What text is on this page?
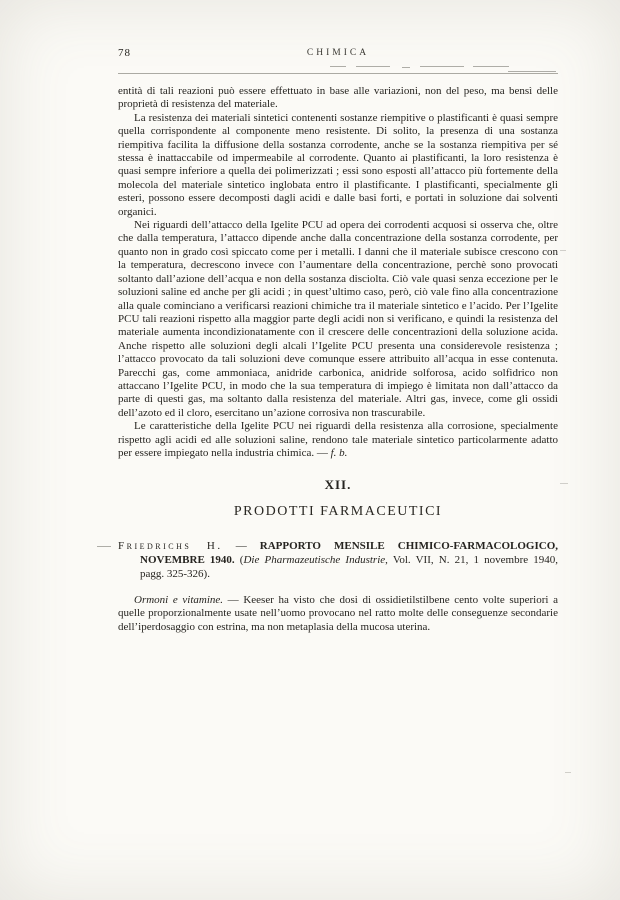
78	CHIMICA

entità di tali reazioni può essere effettuato in base alle variazioni, non del peso, ma bensì delle proprietà di resistenza del materiale.

La resistenza dei materiali sintetici contenenti sostanze riempitive o plastificanti è quasi sempre quella corrispondente al componente meno resistente. Di solito, la presenza di una sostanza riempitiva facilita la diffusione della sostanza corrodente, anche se la sostanza riempitiva per sé stessa è inattaccabile od impermeabile al corrodente. Quanto ai plastificanti, la loro resistenza è quasi sempre inferiore a quella dei polimerizzati ; essi sono esposti all’attacco più fortemente della molecola del materiale sintetico inglobata entro il plastificante. I plastificanti, specialmente gli esteri, possono essere decomposti dagli acidi e dalle basi forti, e portati in soluzione dai solventi organici.

Nei riguardi dell’attacco della Igelite PCU ad opera dei corrodenti acquosi si osserva che, oltre che dalla temperatura, l’attacco dipende anche dalla concentrazione della sostanza corrodente, per quanto non in grado così spiccato come per i metalli. I danni che il materiale subisce crescono con la temperatura, decrescono invece con l’aumentare della concentrazione, perchè sono provocati soltanto dall’azione dell’acqua e non della sostanza disciolta. Ciò vale quasi senza eccezione per le soluzioni saline ed anche per gli acidi ; in quest’ultimo caso, però, ciò vale fino alla concentrazione alla quale cominciano a verificarsi reazioni chimiche tra il materiale sintetico e l’acido. Per l’Igelite PCU tali reazioni rispetto alla maggior parte degli acidi non si verificano, e quindi la resistenza del materiale aumenta incondizionatamente con il crescere delle concentrazioni della soluzione acida. Anche rispetto alle soluzioni degli alcali l’Igelite PCU presenta una considerevole resistenza ; l’attacco provocato da tali soluzioni deve comunque essere attribuito all’acqua in esse contenuta. Parecchi gas, come ammoniaca, anidride carbonica, anidride solforosa, acido solfidrico non attaccano l’Igelite PCU, in modo che la sua temperatura di impiego è limitata non dall’attacco da parte di questi gas, ma soltanto dalla resistenza del materiale. Altri gas, invece, come gli ossidi dell’azoto ed il cloro, esercitano un’azione corrosiva non trascurabile.

Le caratteristiche della Igelite PCU nei riguardi della resistenza alla corrosione, specialmente rispetto agli acidi ed alle soluzioni saline, rendono tale materiale sintetico particolarmente adatto per essere impiegato nella industria chimica. — f. b.

XII.
PRODOTTI FARMACEUTICI

Friedrichs H. — RAPPORTO MENSILE CHIMICO-FARMACOLOGICO, NOVEMBRE 1940. (Die Pharmazeutische Industrie, Vol. VII, N. 21, 1 novembre 1940, pagg. 325-326).

Ormoni e vitamine. — Keeser ha visto che dosi di ossidietilstilbene cento volte superiori a quelle proporzionalmente usate nell’uomo provocano nel ratto molte delle conseguenze secondarie dell’iperdosaggio con estrina, ma non metaplasia della mucosa uterina.
